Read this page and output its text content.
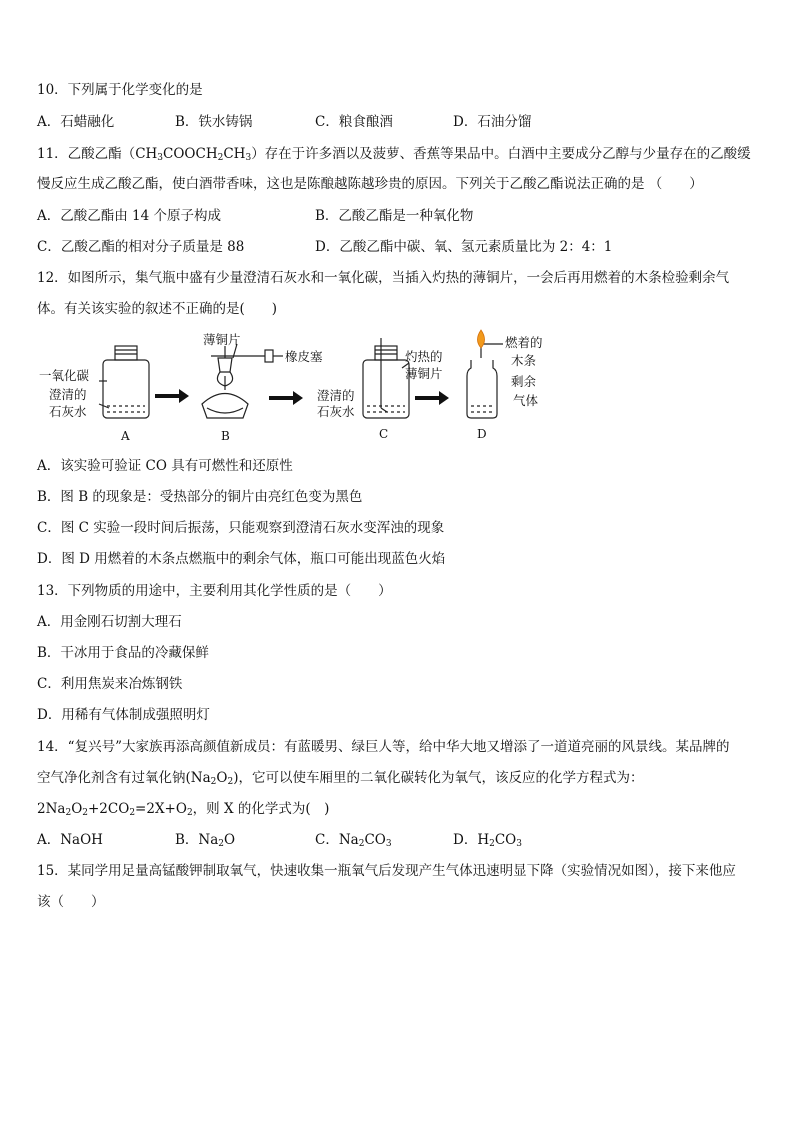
10．下列属于化学变化的是
A．石蜡融化	B．铁水铸锅	C．粮食酿酒	D．石油分馏
11．乙酸乙酯$(CH_3COOCH_2CH_3)$存在于许多酒以及菠萝、香蕉等果品中。白酒中主要成分乙醇与少量存在的乙酸缓
慢反应生成乙酸乙酯，使白酒带香味，这也是陈酿越陈越珍贵的原因。下列关于乙酸乙酯说法正确的是 （　　）
A．乙酸乙酯由 14 个原子构成	B．乙酸乙酯是一种氧化物
C．乙酸乙酯的相对分子质量是 88	D．乙酸乙酯中碳、氧、氢元素质量比为 2：4：1
12．如图所示，集气瓶中盛有少量澄清石灰水和一氧化碳，当插入灼热的薄铜片，一会后再用燃着的木条检验剩余气
体。有关该实验的叙述不正确的是(　　)
一氧化碳
澄清的
石灰水
A
薄铜片
橡皮塞
B
澄清的
石灰水
灼热的
薄铜片
C
燃着的
木条
剩余
气体
D
A．该实验可验证 CO 具有可燃性和还原性
B．图 B 的现象是：受热部分的铜片由亮红色变为黑色
C．图 C 实验一段时间后振荡，只能观察到澄清石灰水变浑浊的现象
D．图 D 用燃着的木条点燃瓶中的剩余气体，瓶口可能出现蓝色火焰
13．下列物质的用途中，主要利用其化学性质的是（　　）
A．用金刚石切割大理石
B．干冰用于食品的冷藏保鲜
C．利用焦炭来冶炼钢铁
D．用稀有气体制成强照明灯
14．“复兴号”大家族再添高颜值新成员：有蓝暖男、绿巨人等，给中华大地又增添了一道道亮丽的风景线。某品牌的
空气净化剂含有过氧化钠$(Na_2O_2)$，它可以使车厢里的二氧化碳转化为氧气，该反应的化学方程式为：
$2Na_2O_2+2CO_2=2X+O_2$，则 X 的化学式为(　)
A．NaOH	B．$Na_2O$	C．$Na_2CO_3$	D．$H_2CO_3$
15．某同学用足量高锰酸钾制取氧气，快速收集一瓶氧气后发现产生气体迅速明显下降（实验情况如图），接下来他应
该（　　）
